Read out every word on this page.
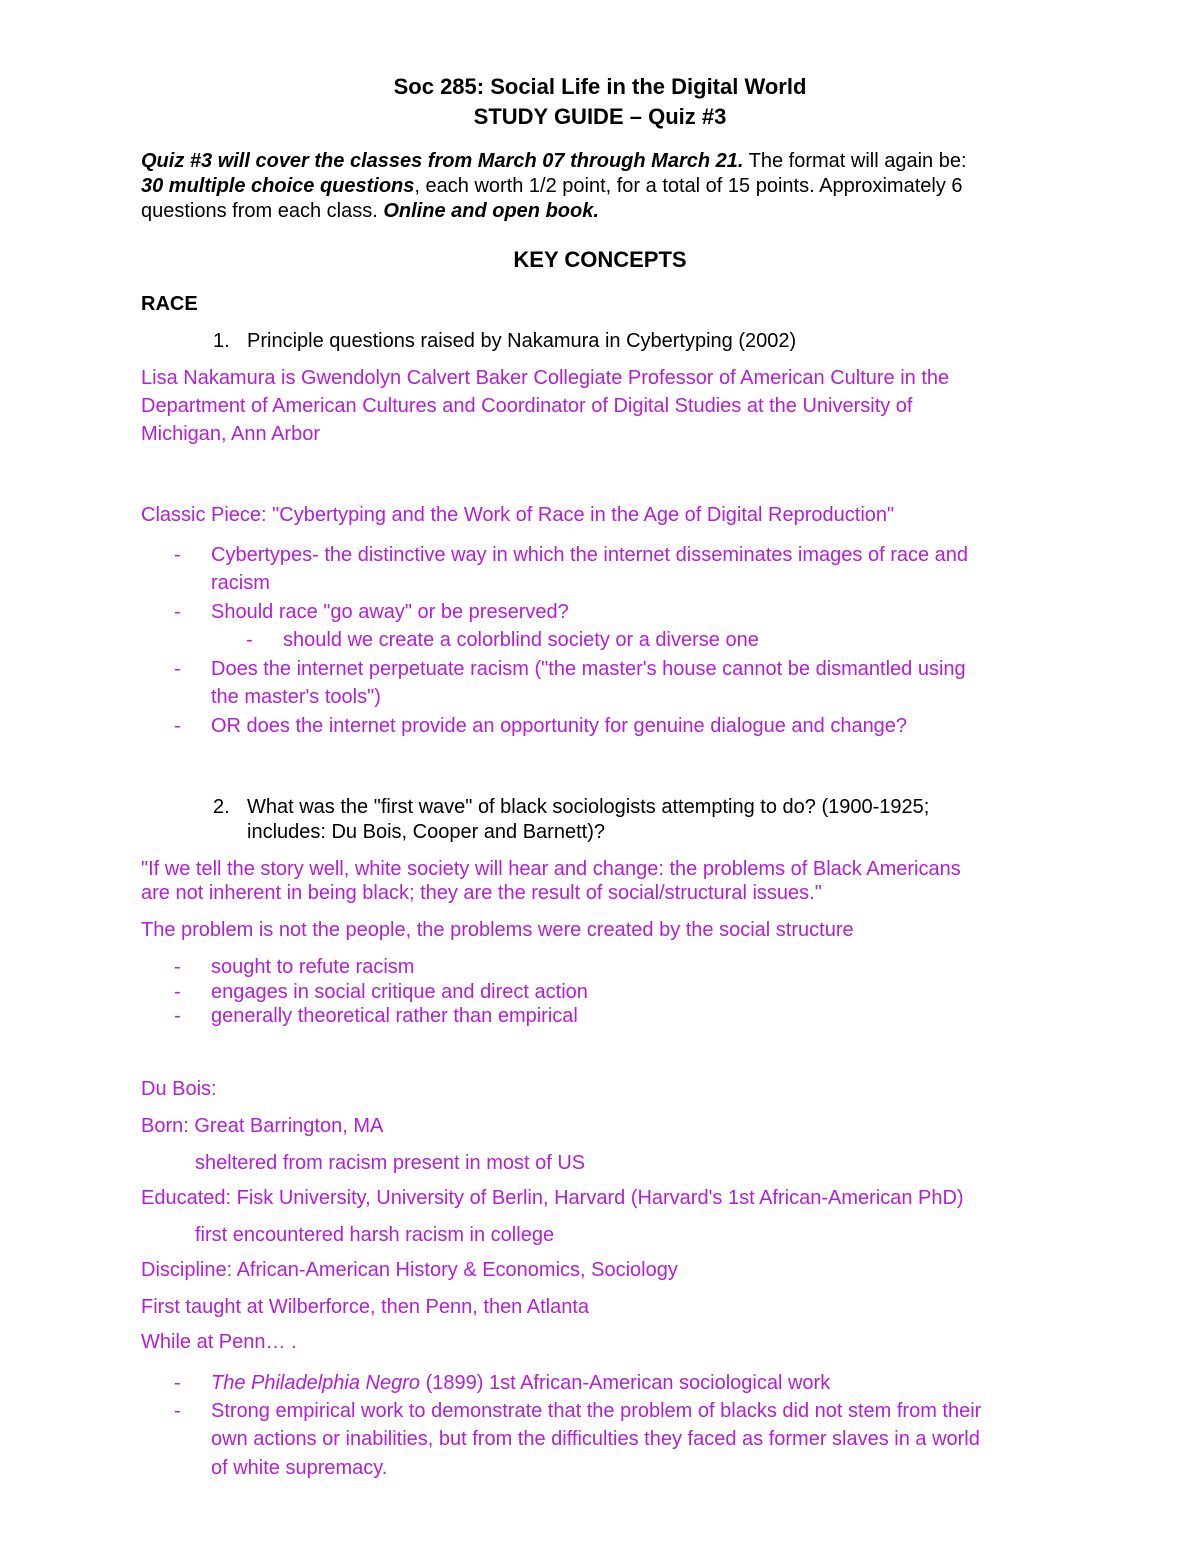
Soc 285: Social Life in the Digital World
STUDY GUIDE – Quiz #3
Quiz #3 will cover the classes from March 07 through March 21. The format will again be:
30 multiple choice questions, each worth 1/2 point, for a total of 15 points. Approximately 6
questions from each class. Online and open book.
KEY CONCEPTS
RACE
1. Principle questions raised by Nakamura in Cybertyping (2002)
Lisa Nakamura is Gwendolyn Calvert Baker Collegiate Professor of American Culture in the
Department of American Cultures and Coordinator of Digital Studies at the University of
Michigan, Ann Arbor
Classic Piece: "Cybertyping and the Work of Race in the Age of Digital Reproduction"
- Cybertypes- the distinctive way in which the internet disseminates images of race and
racism
- Should race "go away" or be preserved?
- should we create a colorblind society or a diverse one
- Does the internet perpetuate racism ("the master's house cannot be dismantled using
the master's tools")
- OR does the internet provide an opportunity for genuine dialogue and change?
2. What was the "first wave" of black sociologists attempting to do? (1900-1925;
includes: Du Bois, Cooper and Barnett)?
"If we tell the story well, white society will hear and change: the problems of Black Americans
are not inherent in being black; they are the result of social/structural issues."
The problem is not the people, the problems were created by the social structure
- sought to refute racism
- engages in social critique and direct action
- generally theoretical rather than empirical
Du Bois:
Born: Great Barrington, MA
sheltered from racism present in most of US
Educated: Fisk University, University of Berlin, Harvard (Harvard's 1st African-American PhD)
first encountered harsh racism in college
Discipline: African-American History & Economics, Sociology
First taught at Wilberforce, then Penn, then Atlanta
While at Penn… .
- The Philadelphia Negro (1899) 1st African-American sociological work
- Strong empirical work to demonstrate that the problem of blacks did not stem from their
own actions or inabilities, but from the difficulties they faced as former slaves in a world
of white supremacy.
